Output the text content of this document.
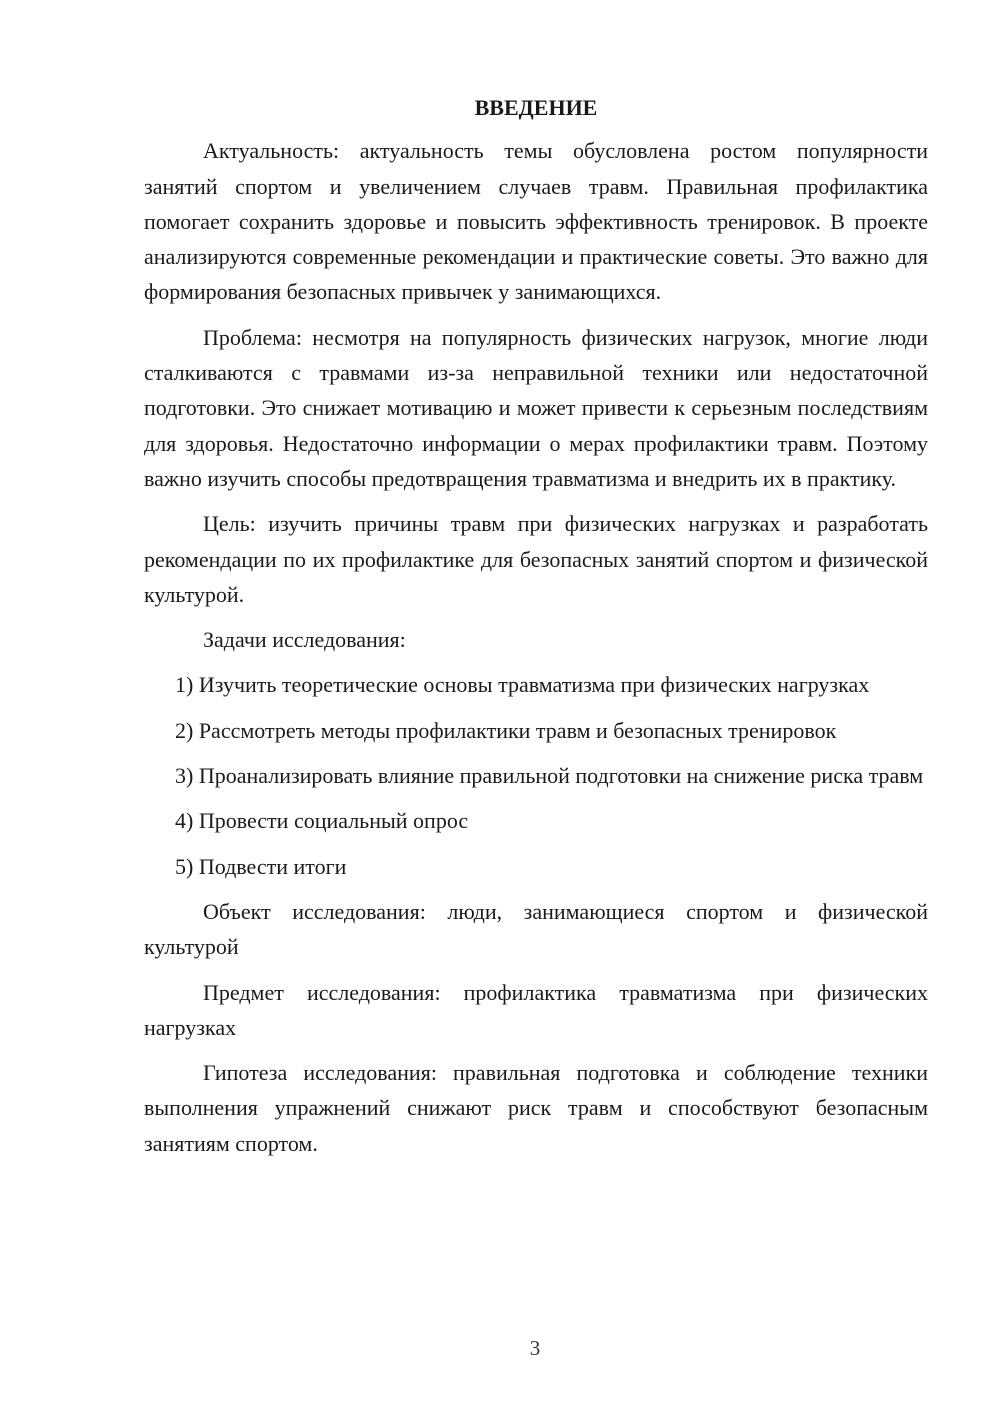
ВВЕДЕНИЕ

Актуальность: актуальность темы обусловлена ростом популярности занятий спортом и увеличением случаев травм. Правильная профилактика помогает сохранить здоровье и повысить эффективность тренировок. В проекте анализируются современные рекомендации и практические советы. Это важно для формирования безопасных привычек у занимающихся.

Проблема: несмотря на популярность физических нагрузок, многие люди сталкиваются с травмами из-за неправильной техники или недостаточной подготовки. Это снижает мотивацию и может привести к серьезным последствиям для здоровья. Недостаточно информации о мерах профилактики травм. Поэтому важно изучить способы предотвращения травматизма и внедрить их в практику.

Цель: изучить причины травм при физических нагрузках и разработать рекомендации по их профилактике для безопасных занятий спортом и физической культурой.

Задачи исследования:

1) Изучить теоретические основы травматизма при физических нагрузках

2) Рассмотреть методы профилактики травм и безопасных тренировок

3) Проанализировать влияние правильной подготовки на снижение риска травм

4) Провести социальный опрос

5) Подвести итоги

Объект исследования: люди, занимающиеся спортом и физической культурой

Предмет исследования: профилактика травматизма при физических нагрузках

Гипотеза исследования: правильная подготовка и соблюдение техники выполнения упражнений снижают риск травм и способствуют безопасным занятиям спортом.

3
